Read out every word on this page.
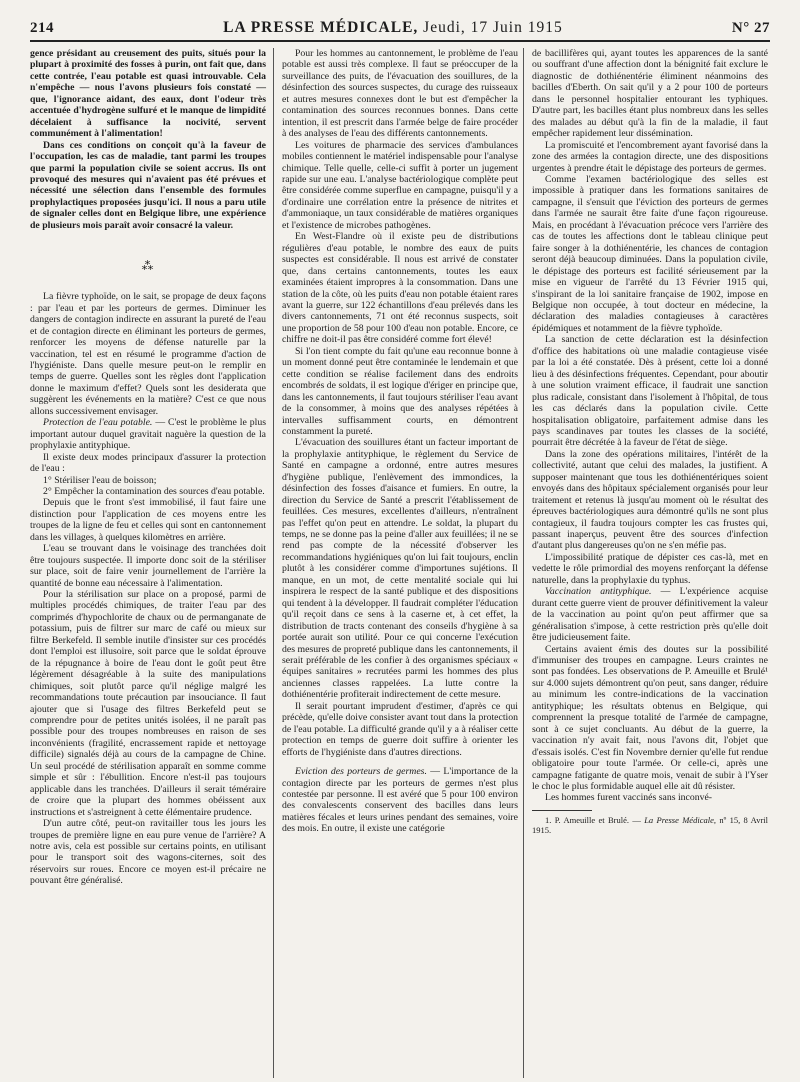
214	LA PRESSE MÉDICALE, Jeudi, 17 Juin 1915	N° 27

gence présidant au creusement des puits, situés pour la plupart à proximité des fosses à purin, ont fait que, dans cette contrée, l'eau potable est quasi introuvable. Cela n'empêche — nous l'avons plusieurs fois constaté — que, l'ignorance aidant, des eaux, dont l'odeur très accentuée d'hydrogène sulfuré et le manque de limpidité décelaient à suffisance la nocivité, servent communément à l'alimentation!

Dans ces conditions on conçoit qu'à la faveur de l'occupation, les cas de maladie, tant parmi les troupes que parmi la population civile se soient accrus. Ils ont provoqué des mesures qui n'avaient pas été prévues et nécessité une sélection dans l'ensemble des formules prophylactiques proposées jusqu'ici. Il nous a paru utile de signaler celles dont en Belgique libre, une expérience de plusieurs mois paraît avoir consacré la valeur.

⁂

La fièvre typhoïde, on le sait, se propage de deux façons : par l'eau et par les porteurs de germes. Diminuer les dangers de contagion indirecte en assurant la pureté de l'eau et de contagion directe en éliminant les porteurs de germes, renforcer les moyens de défense naturelle par la vaccination, tel est en résumé le programme d'action de l'hygiéniste. Dans quelle mesure peut-on le remplir en temps de guerre. Quelles sont les règles dont l'application donne le maximum d'effet? Quels sont les desiderata que suggèrent les événements en la matière? C'est ce que nous allons successivement envisager.

Protection de l'eau potable. — C'est le problème le plus important autour duquel gravitait naguère la question de la prophylaxie antityphique.

Il existe deux modes principaux d'assurer la protection de l'eau :

1° Stériliser l'eau de boisson;

2° Empêcher la contamination des sources d'eau potable.

Depuis que le front s'est immobilisé, il faut faire une distinction pour l'application de ces moyens entre les troupes de la ligne de feu et celles qui sont en cantonnement dans les villages, à quelques kilomètres en arrière.

L'eau se trouvant dans le voisinage des tranchées doit être toujours suspectée. Il importe donc soit de la stériliser sur place, soit de faire venir journellement de l'arrière la quantité de bonne eau nécessaire à l'alimentation.

Pour la stérilisation sur place on a proposé, parmi de multiples procédés chimiques, de traiter l'eau par des comprimés d'hypochlorite de chaux ou de permanganate de potassium, puis de filtrer sur marc de café ou mieux sur filtre Berkefeld. Il semble inutile d'insister sur ces procédés dont l'emploi est illusoire, soit parce que le soldat éprouve de la répugnance à boire de l'eau dont le goût peut être légèrement désagréable à la suite des manipulations chimiques, soit plutôt parce qu'il néglige malgré les recommandations toute précaution par insouciance. Il faut ajouter que si l'usage des filtres Berkefeld peut se comprendre pour de petites unités isolées, il ne paraît pas possible pour des troupes nombreuses en raison de ses inconvénients (fragilité, encrassement rapide et nettoyage difficile) signalés déjà au cours de la campagne de Chine. Un seul procédé de stérilisation apparaît en somme comme simple et sûr : l'ébullition. Encore n'est-il pas toujours applicable dans les tranchées. D'ailleurs il serait téméraire de croire que la plupart des hommes obéissent aux instructions et s'astreignent à cette élémentaire prudence.

D'un autre côté, peut-on ravitailler tous les jours les troupes de première ligne en eau pure venue de l'arrière? A notre avis, cela est possible sur certains points, en utilisant pour le transport soit des wagons-citernes, soit des réservoirs sur roues. Encore ce moyen est-il précaire ne pouvant être généralisé.

Pour les hommes au cantonnement, le problème de l'eau potable est aussi très complexe. Il faut se préoccuper de la surveillance des puits, de l'évacuation des souillures, de la désinfection des sources suspectes, du curage des ruisseaux et autres mesures connexes dont le but est d'empêcher la contamination des sources reconnues bonnes. Dans cette intention, il est prescrit dans l'armée belge de faire procéder à des analyses de l'eau des différents cantonnements.

Les voitures de pharmacie des services d'ambulances mobiles contiennent le matériel indispensable pour l'analyse chimique. Telle quelle, celle-ci suffit à porter un jugement rapide sur une eau. L'analyse bactériologique complète peut être considérée comme superflue en campagne, puisqu'il y a d'ordinaire une corrélation entre la présence de nitrites et d'ammoniaque, un taux considérable de matières organiques et l'existence de microbes pathogènes.

En West-Flandre où il existe peu de distributions régulières d'eau potable, le nombre des eaux de puits suspectes est considérable. Il nous est arrivé de constater que, dans certains cantonnements, toutes les eaux examinées étaient impropres à la consommation. Dans une station de la côte, où les puits d'eau non potable étaient rares avant la guerre, sur 122 échantillons d'eau prélevés dans les divers cantonnements, 71 ont été reconnus suspects, soit une proportion de 58 pour 100 d'eau non potable. Encore, ce chiffre ne doit-il pas être considéré comme fort élevé!

Si l'on tient compte du fait qu'une eau reconnue bonne à un moment donné peut être contaminée le lendemain et que cette condition se réalise facilement dans des endroits encombrés de soldats, il est logique d'ériger en principe que, dans les cantonnements, il faut toujours stériliser l'eau avant de la consommer, à moins que des analyses répétées à intervalles suffisamment courts, en démontrent constamment la pureté.

L'évacuation des souillures étant un facteur important de la prophylaxie antityphique, le règlement du Service de Santé en campagne a ordonné, entre autres mesures d'hygiène publique, l'enlèvement des immondices, la désinfection des fosses d'aisance et fumiers. En outre, la direction du Service de Santé a prescrit l'établissement de feuillées. Ces mesures, excellentes d'ailleurs, n'entraînent pas l'effet qu'on peut en attendre. Le soldat, la plupart du temps, ne se donne pas la peine d'aller aux feuillées; il ne se rend pas compte de la nécessité d'observer les recommandations hygiéniques qu'on lui fait toujours, enclin plutôt à les considérer comme d'importunes sujétions. Il manque, en un mot, de cette mentalité sociale qui lui inspirera le respect de la santé publique et des dispositions qui tendent à la développer. Il faudrait compléter l'éducation qu'il reçoit dans ce sens à la caserne et, à cet effet, la distribution de tracts contenant des conseils d'hygiène à sa portée aurait son utilité. Pour ce qui concerne l'exécution des mesures de propreté publique dans les cantonnements, il serait préférable de les confier à des organismes spéciaux « équipes sanitaires » recrutées parmi les hommes des plus anciennes classes rappelées. La lutte contre la dothiénentérie profiterait indirectement de cette mesure.

Il serait pourtant imprudent d'estimer, d'après ce qui précède, qu'elle doive consister avant tout dans la protection de l'eau potable. La difficulté grande qu'il y a à réaliser cette protection en temps de guerre doit suffire à orienter les efforts de l'hygiéniste dans d'autres directions.

Eviction des porteurs de germes. — L'importance de la contagion directe par les porteurs de germes n'est plus contestée par personne. Il est avéré que 5 pour 100 environ des convalescents conservent des bacilles dans leurs matières fécales et leurs urines pendant des semaines, voire des mois. En outre, il existe une catégorie

de bacillifères qui, ayant toutes les apparences de la santé ou souffrant d'une affection dont la bénignité fait exclure le diagnostic de dothiénentérie éliminent néanmoins des bacilles d'Eberth. On sait qu'il y a 2 pour 100 de porteurs dans le personnel hospitalier entourant les typhiques. D'autre part, les bacilles étant plus nombreux dans les selles des malades au début qu'à la fin de la maladie, il faut empêcher rapidement leur dissémination.

La promiscuité et l'encombrement ayant favorisé dans la zone des armées la contagion directe, une des dispositions urgentes à prendre était le dépistage des porteurs de germes.

Comme l'examen bactériologique des selles est impossible à pratiquer dans les formations sanitaires de campagne, il s'ensuit que l'éviction des porteurs de germes dans l'armée ne saurait être faite d'une façon rigoureuse. Mais, en procédant à l'évacuation précoce vers l'arrière des cas de toutes les affections dont le tableau clinique peut faire songer à la dothiénentérie, les chances de contagion seront déjà beaucoup diminuées. Dans la population civile, le dépistage des porteurs est facilité sérieusement par la mise en vigueur de l'arrêté du 13 Février 1915 qui, s'inspirant de la loi sanitaire française de 1902, impose en Belgique non occupée, à tout docteur en médecine, la déclaration des maladies contagieuses à caractères épidémiques et notamment de la fièvre typhoïde.

La sanction de cette déclaration est la désinfection d'office des habitations où une maladie contagieuse visée par la loi a été constatée. Dès à présent, cette loi a donné lieu à des désinfections fréquentes. Cependant, pour aboutir à une solution vraiment efficace, il faudrait une sanction plus radicale, consistant dans l'isolement à l'hôpital, de tous les cas déclarés dans la population civile. Cette hospitalisation obligatoire, parfaitement admise dans les pays scandinaves par toutes les classes de la société, pourrait être décrétée à la faveur de l'état de siège.

Dans la zone des opérations militaires, l'intérêt de la collectivité, autant que celui des malades, la justifient. A supposer maintenant que tous les dothiénentériques soient envoyés dans des hôpitaux spécialement organisés pour leur traitement et retenus là jusqu'au moment où le résultat des épreuves bactériologiques aura démontré qu'ils ne sont plus contagieux, il faudra toujours compter les cas frustes qui, passant inaperçus, peuvent être des sources d'infection d'autant plus dangereuses qu'on ne s'en méfie pas.

L'impossibilité pratique de dépister ces cas-là, met en vedette le rôle primordial des moyens renforçant la défense naturelle, dans la prophylaxie du typhus.

Vaccination antityphique. — L'expérience acquise durant cette guerre vient de prouver définitivement la valeur de la vaccination au point qu'on peut affirmer que sa généralisation s'impose, à cette restriction près qu'elle doit être judicieusement faite.

Certains avaient émis des doutes sur la possibilité d'immuniser des troupes en campagne. Leurs craintes ne sont pas fondées. Les observations de P. Ameuille et Brulé¹ sur 4.000 sujets démontrent qu'on peut, sans danger, réduire au minimum les contre-indications de la vaccination antityphique; les résultats obtenus en Belgique, qui comprennent la presque totalité de l'armée de campagne, sont à ce sujet concluants. Au début de la guerre, la vaccination n'y avait fait, nous l'avons dit, l'objet que d'essais isolés. C'est fin Novembre dernier qu'elle fut rendue obligatoire pour toute l'armée. Or celle-ci, après une campagne fatigante de quatre mois, venait de subir à l'Yser le choc le plus formidable auquel elle ait dû résister.

Les hommes furent vaccinés sans inconvé-

1. P. Ameuille et Brulé. — La Presse Médicale, nº 15, 8 Avril 1915.
